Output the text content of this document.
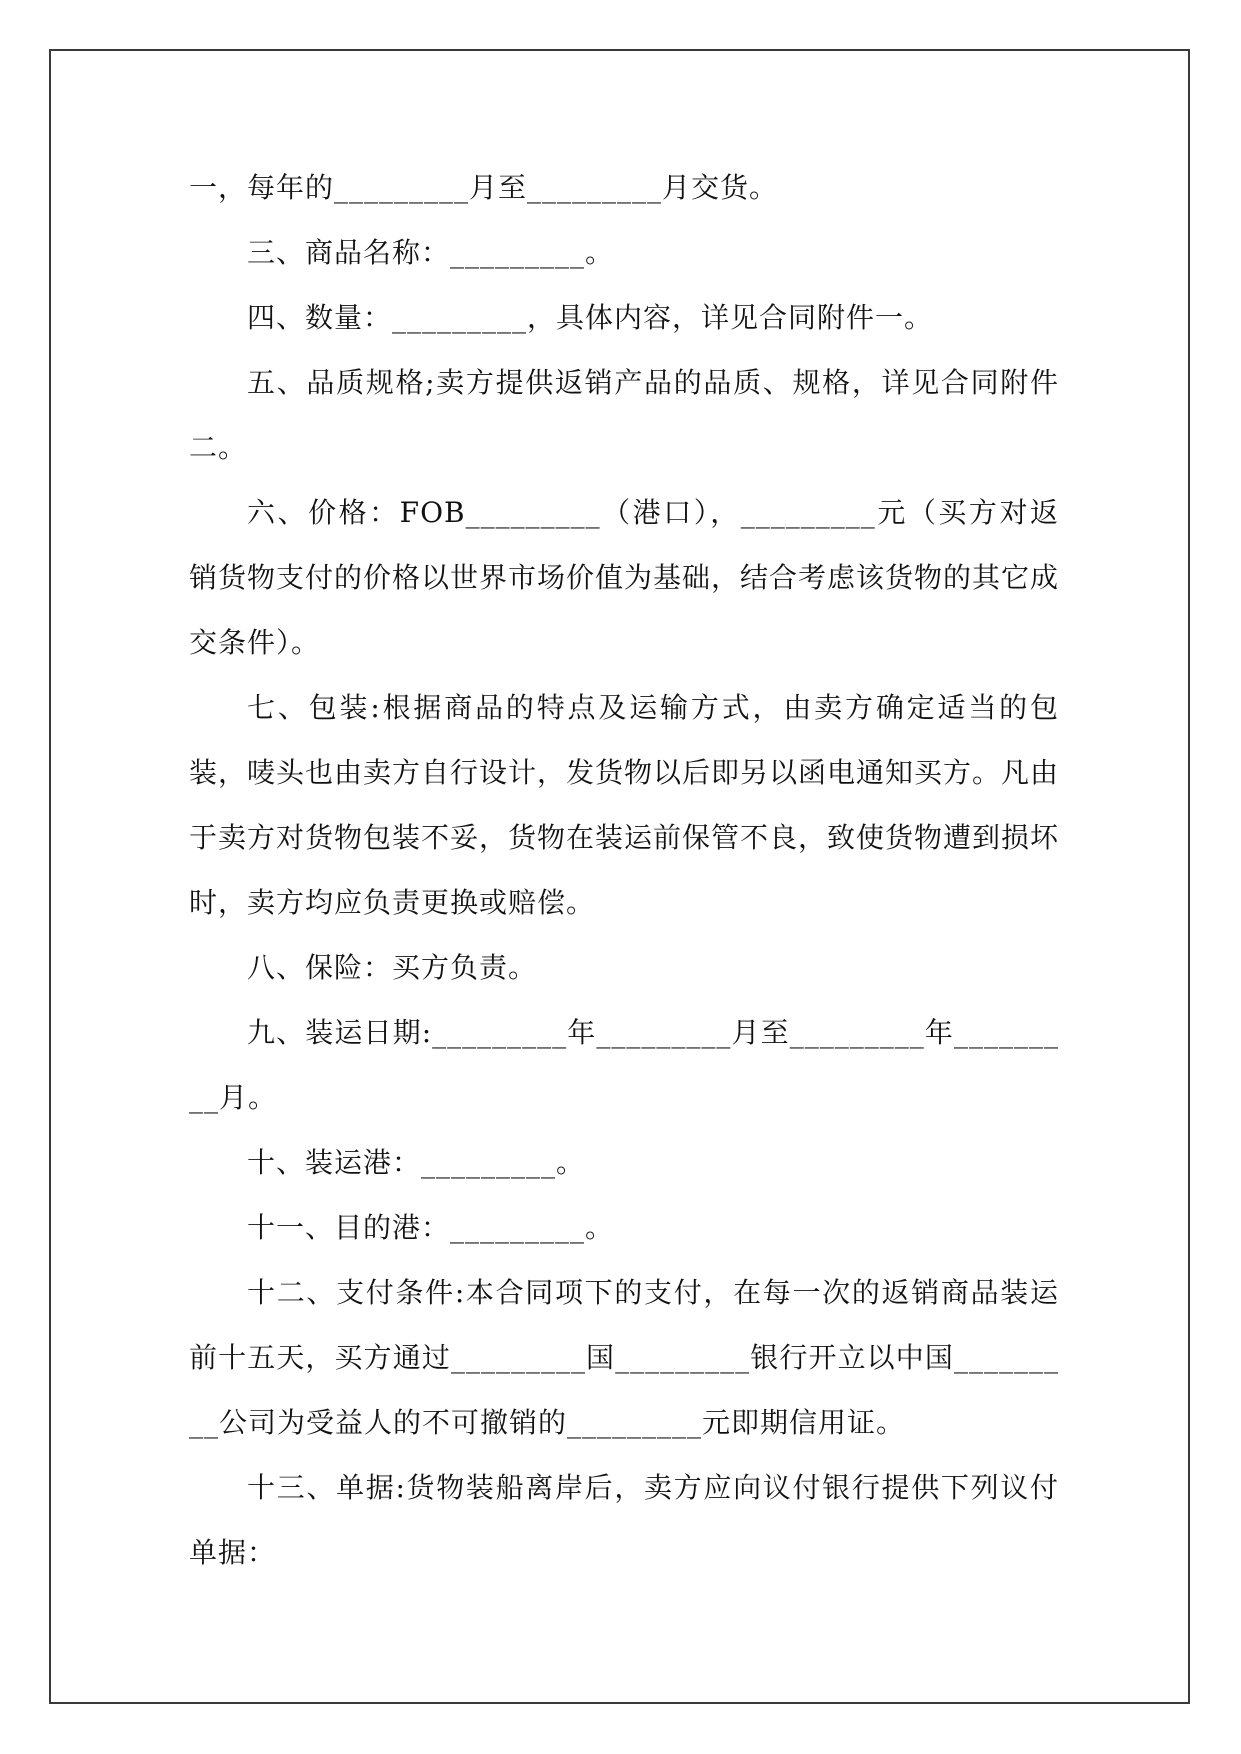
一，每年的_________月至_________月交货。

三、商品名称：_________。

四、数量：_________，具体内容，详见合同附件一。

五、品质规格;卖方提供返销产品的品质、规格，详见合同附件二。

六、价格：FOB_________（港口），_________元（买方对返销货物支付的价格以世界市场价值为基础，结合考虑该货物的其它成交条件）。

七、包装:根据商品的特点及运输方式，由卖方确定适当的包装，唛头也由卖方自行设计，发货物以后即另以函电通知买方。凡由于卖方对货物包装不妥，货物在装运前保管不良，致使货物遭到损坏时，卖方均应负责更换或赔偿。

八、保险：买方负责。

九、装运日期:_________年_________月至_________年_________月。

十、装运港：_________。

十一、目的港：_________。

十二、支付条件:本合同项下的支付，在每一次的返销商品装运前十五天，买方通过_________国_________银行开立以中国_________公司为受益人的不可撤销的_________元即期信用证。

十三、单据:货物装船离岸后，卖方应向议付银行提供下列议付单据：
